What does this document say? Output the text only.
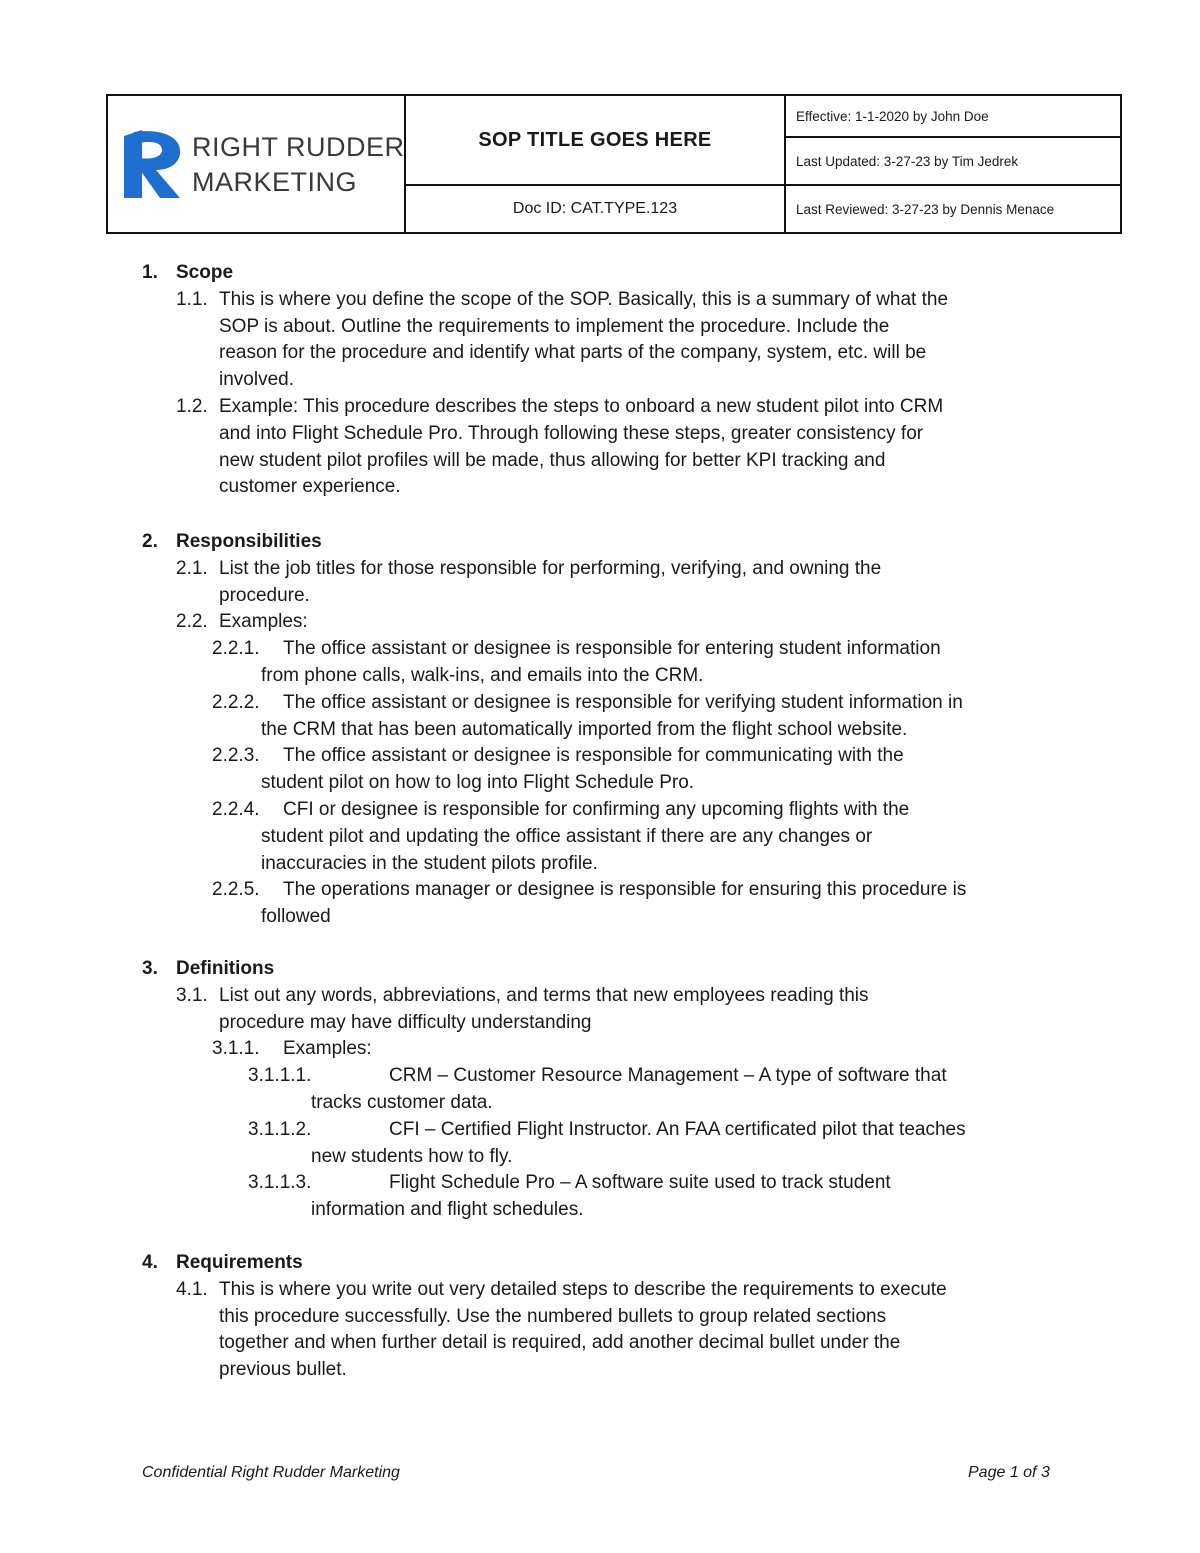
RIGHT RUDDER
MARKETING
SOP TITLE GOES HERE
Doc ID: CAT.TYPE.123
Effective: 1-1-2020 by John Doe
Last Updated: 3-27-23 by Tim Jedrek
Last Reviewed: 3-27-23 by Dennis Menace
1. Scope
1.1. This is where you define the scope of the SOP. Basically, this is a summary of what the
SOP is about. Outline the requirements to implement the procedure. Include the
reason for the procedure and identify what parts of the company, system, etc. will be
involved.
1.2. Example: This procedure describes the steps to onboard a new student pilot into CRM
and into Flight Schedule Pro. Through following these steps, greater consistency for
new student pilot profiles will be made, thus allowing for better KPI tracking and
customer experience.
2. Responsibilities
2.1. List the job titles for those responsible for performing, verifying, and owning the
procedure.
2.2. Examples:
2.2.1. The office assistant or designee is responsible for entering student information
from phone calls, walk-ins, and emails into the CRM.
2.2.2. The office assistant or designee is responsible for verifying student information in
the CRM that has been automatically imported from the flight school website.
2.2.3. The office assistant or designee is responsible for communicating with the
student pilot on how to log into Flight Schedule Pro.
2.2.4. CFI or designee is responsible for confirming any upcoming flights with the
student pilot and updating the office assistant if there are any changes or
inaccuracies in the student pilots profile.
2.2.5. The operations manager or designee is responsible for ensuring this procedure is
followed
3. Definitions
3.1. List out any words, abbreviations, and terms that new employees reading this
procedure may have difficulty understanding
3.1.1. Examples:
3.1.1.1.	CRM – Customer Resource Management – A type of software that
tracks customer data.
3.1.1.2.	CFI – Certified Flight Instructor. An FAA certificated pilot that teaches
new students how to fly.
3.1.1.3.	Flight Schedule Pro – A software suite used to track student
information and flight schedules.
4. Requirements
4.1. This is where you write out very detailed steps to describe the requirements to execute
this procedure successfully. Use the numbered bullets to group related sections
together and when further detail is required, add another decimal bullet under the
previous bullet.
Confidential Right Rudder Marketing	Page 1 of 3
